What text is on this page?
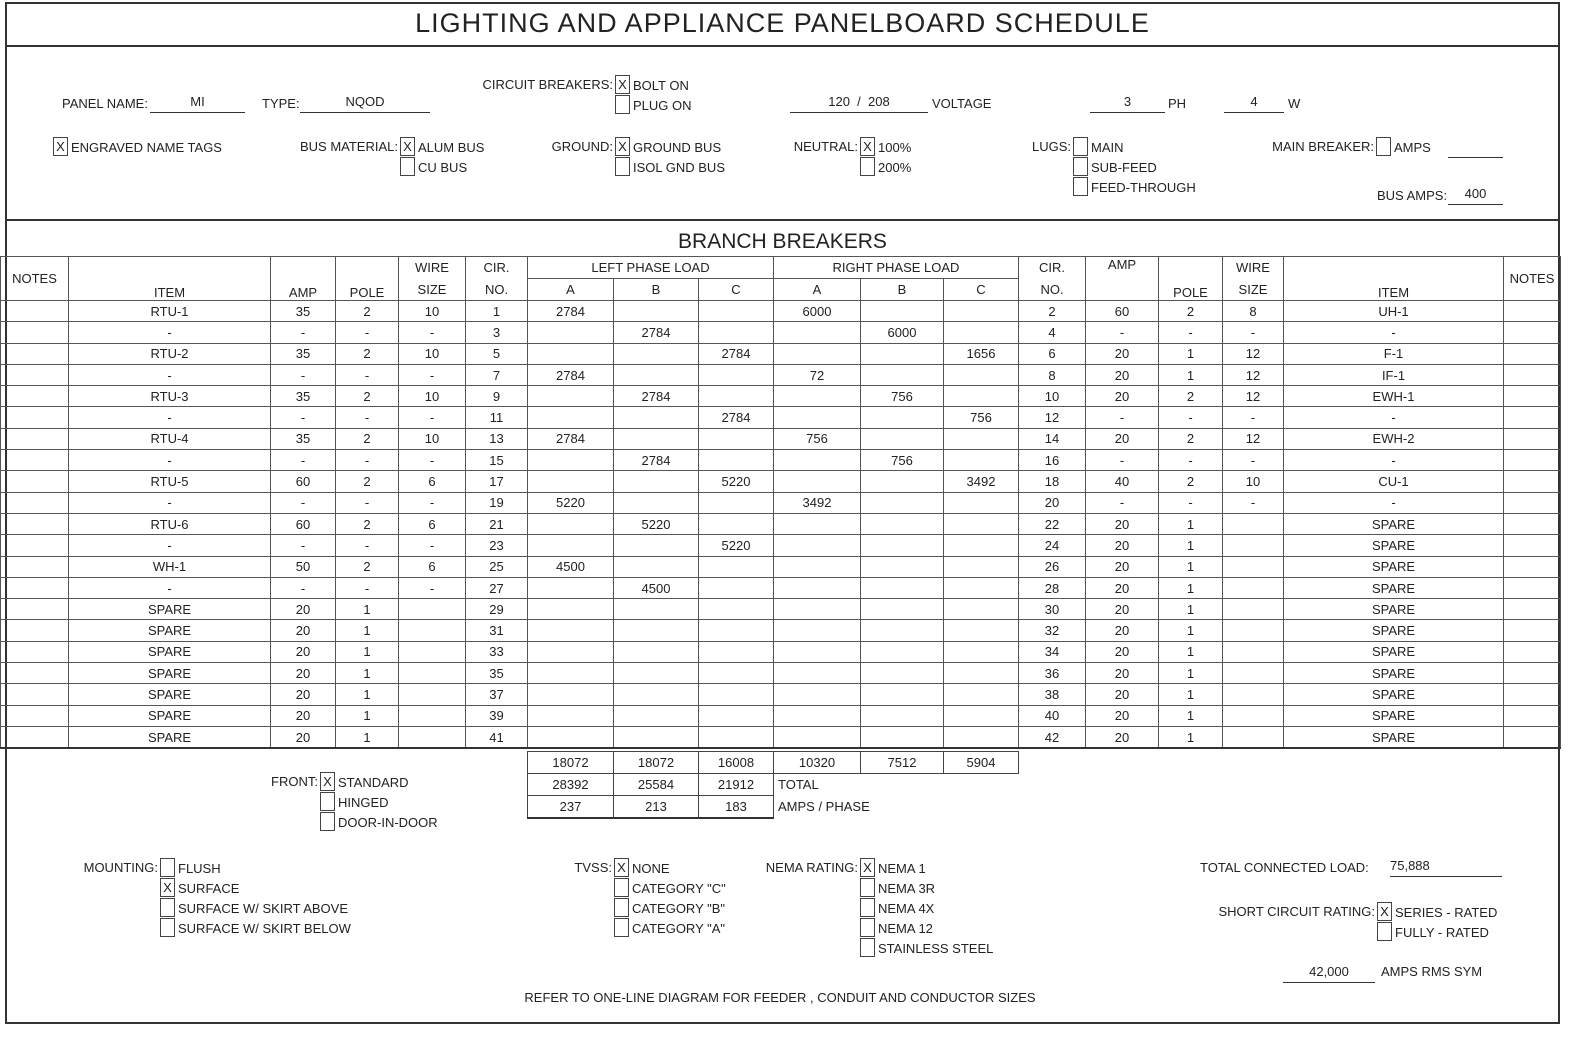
LIGHTING AND APPLIANCE PANELBOARD SCHEDULE
PANEL NAME:	MI	TYPE:	NQOD	120  /  208	VOLTAGE	3	PH	4	W
BUS AMPS:	400
CIRCUIT BREAKERS: X BOLT ON
PLUG ON
X ENGRAVED NAME TAGS	BUS MATERIAL: X ALUM BUS
CU BUS
GROUND: X GROUND BUS
ISOL GND BUS
NEUTRAL: X 100%
200%
LUGS: MAIN
SUB-FEED
FEED-THROUGH
MAIN BREAKER: AMPS
BRANCH BREAKERS
NOTES	ITEM	AMP	POLE	WIRE	CIR.	LEFT PHASE LOAD			RIGHT PHASE LOAD			CIR.	AMP	POLE	WIRE	ITEM	NOTES
				SIZE	NO.	A	B	C	A	B	C	NO.			SIZE		
	RTU-1	35	2	10	1	2784			6000			2	60	2	8	UH-1	
	-	-	-	-	3		2784			6000		4	-	-	-	-	
	RTU-2	35	2	10	5			2784			1656	6	20	1	12	F-1	
	-	-	-	-	7	2784			72			8	20	1	12	IF-1	
	RTU-3	35	2	10	9		2784			756		10	20	2	12	EWH-1	
	-	-	-	-	11			2784			756	12	-	-	-	-	
	RTU-4	35	2	10	13	2784			756			14	20	2	12	EWH-2	
	-	-	-	-	15		2784			756		16	-	-	-	-	
	RTU-5	60	2	6	17			5220			3492	18	40	2	10	CU-1	
	-	-	-	-	19	5220			3492			20	-	-	-	-	
	RTU-6	60	2	6	21		5220					22	20	1		SPARE	
	-	-	-	-	23			5220				24	20	1		SPARE	
	WH-1	50	2	6	25	4500						26	20	1		SPARE	
	-	-	-	-	27		4500					28	20	1		SPARE	
	SPARE	20	1		29							30	20	1		SPARE	
	SPARE	20	1		31							32	20	1		SPARE	
	SPARE	20	1		33							34	20	1		SPARE	
	SPARE	20	1		35							36	20	1		SPARE	
	SPARE	20	1		37							38	20	1		SPARE	
	SPARE	20	1		39							40	20	1		SPARE	
	SPARE	20	1		41							42	20	1		SPARE	
18072	18072	16008	10320	7512	5904
28392	25584	21912	TOTAL		
237	213	183	AMPS / PHASE		
FRONT: X STANDARD
HINGED
DOOR-IN-DOOR
MOUNTING: FLUSH
X SURFACE
SURFACE W/ SKIRT ABOVE
SURFACE W/ SKIRT BELOW
TVSS: X NONE
CATEGORY "C"
CATEGORY "B"
CATEGORY "A"
NEMA RATING: X NEMA 1
NEMA 3R
NEMA 4X
NEMA 12
STAINLESS STEEL
SHORT CIRCUIT RATING: X SERIES - RATED
FULLY - RATED
TOTAL CONNECTED LOAD: 75,888
42,000	AMPS RMS SYM
REFER TO ONE-LINE DIAGRAM FOR FEEDER , CONDUIT AND CONDUCTOR SIZES
